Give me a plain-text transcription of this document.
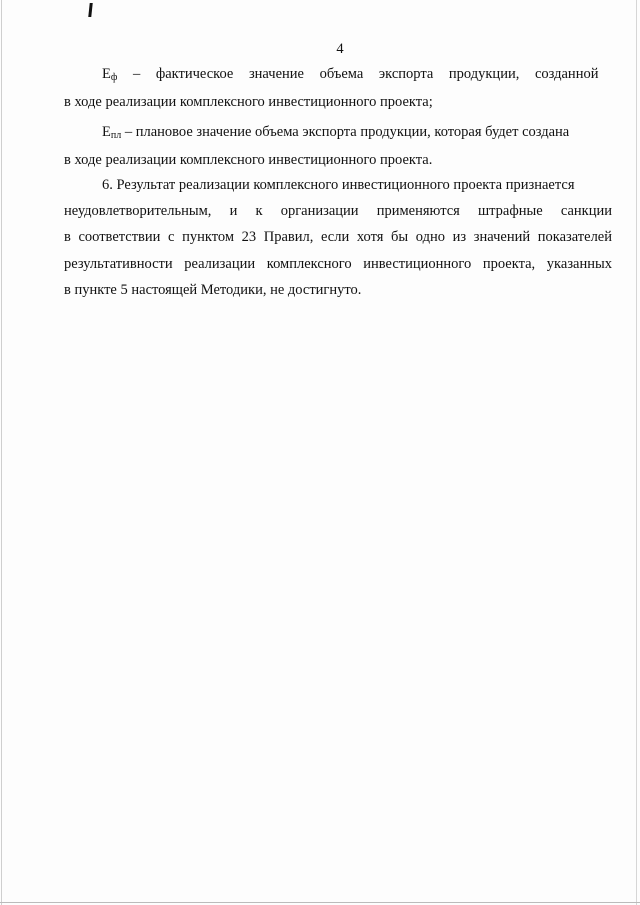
4

Eф – фактическое значение объема экспорта продукции, созданной

в ходе реализации комплексного инвестиционного проекта;

Eпл – плановое значение объема экспорта продукции, которая будет создана

в ходе реализации комплексного инвестиционного проекта.

6. Результат реализации комплексного инвестиционного проекта признается

неудовлетворительным, и к организации применяются штрафные санкции

в соответствии с пунктом 23 Правил, если хотя бы одно из значений показателей

результативности реализации комплексного инвестиционного проекта, указанных

в пункте 5 настоящей Методики, не достигнуто.
